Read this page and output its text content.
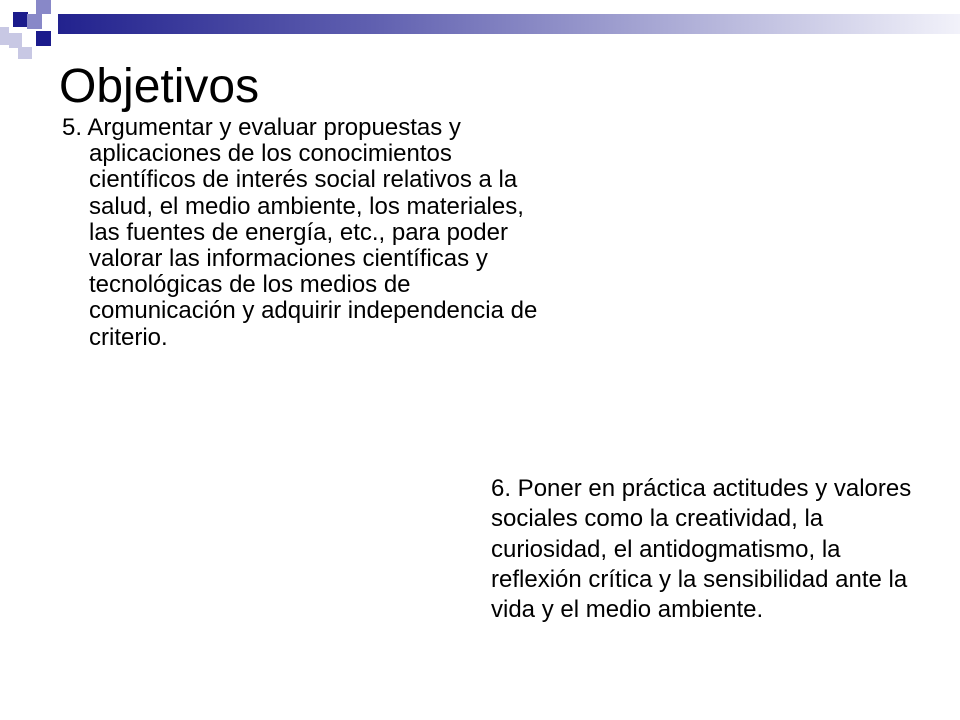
Objetivos

5. Argumentar y evaluar propuestas y aplicaciones de los conocimientos científicos de interés social relativos a la salud, el medio ambiente, los materiales, las fuentes de energía, etc., para poder valorar las informaciones científicas y tecnológicas de los medios de comunicación y adquirir independencia de criterio.

6. Poner en práctica actitudes y valores sociales como la creatividad, la curiosidad, el antidogmatismo, la reflexión crítica y la sensibilidad ante la vida y el medio ambiente.
